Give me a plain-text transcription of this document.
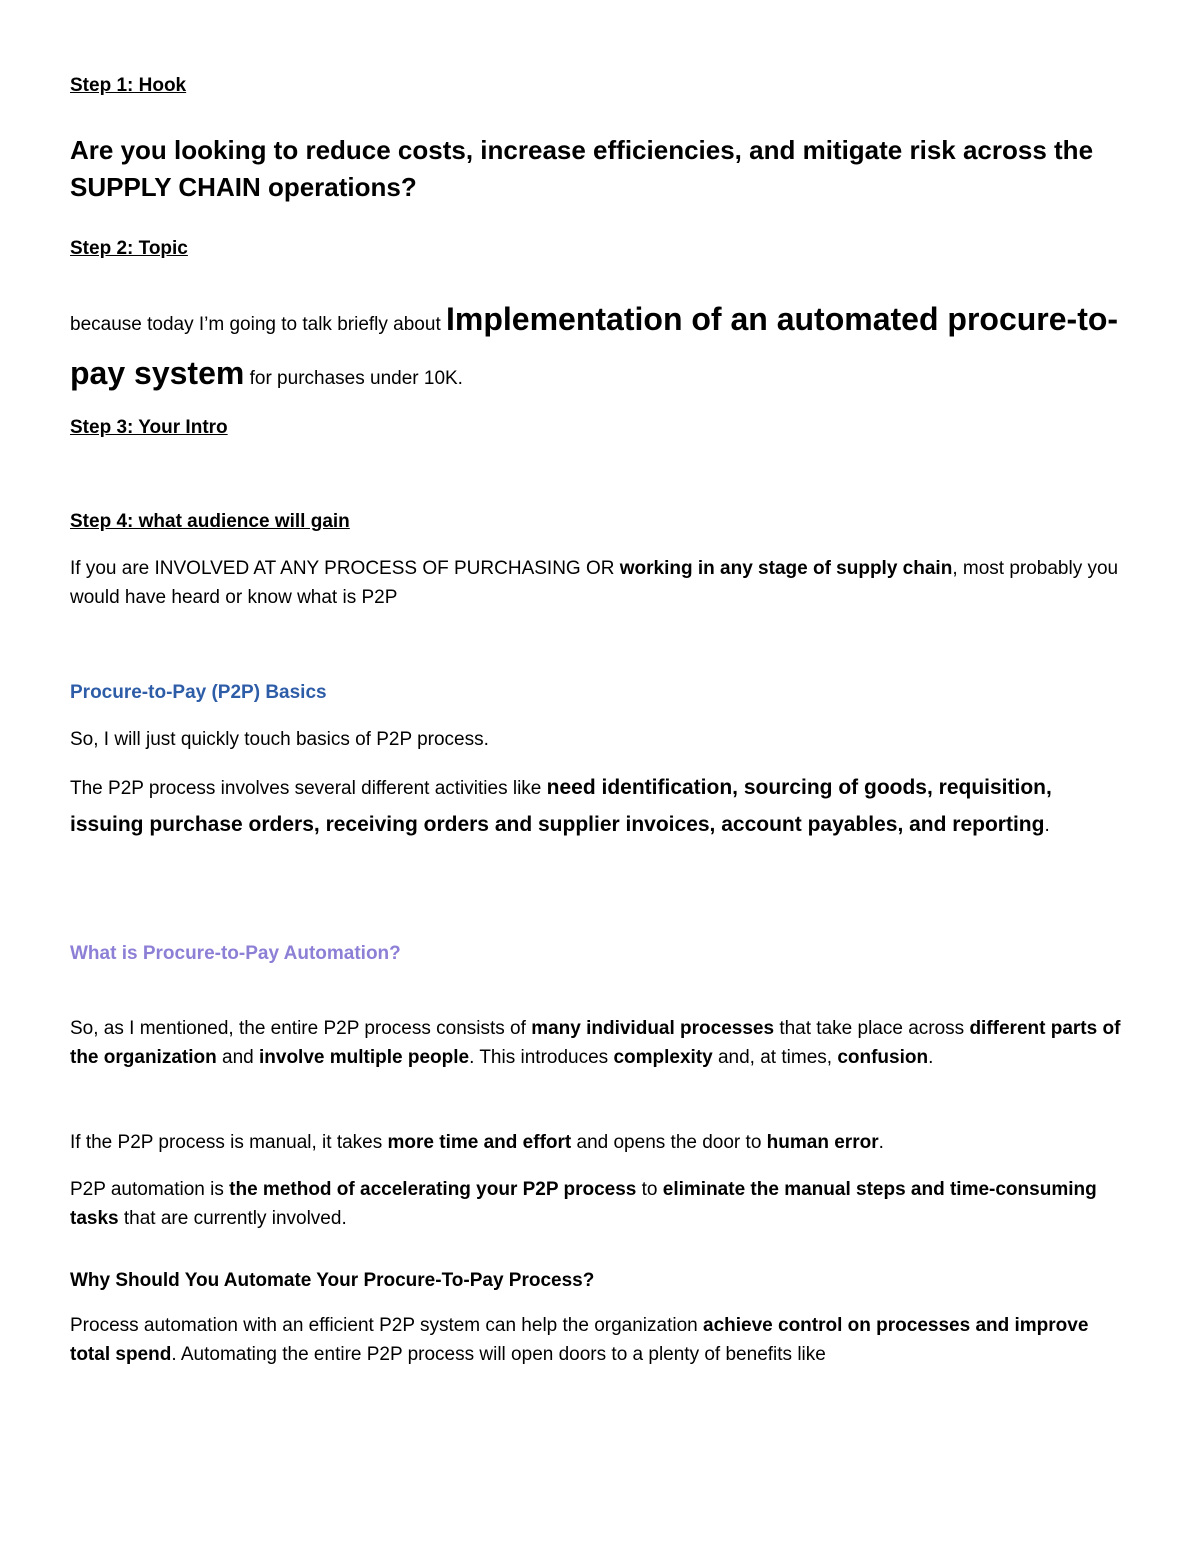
Step 1: Hook
Are you looking to reduce costs, increase efficiencies, and mitigate risk across the SUPPLY CHAIN operations?
Step 2: Topic
because today I’m going to talk briefly about Implementation of an automated procure-to-pay system for purchases under 10K.
Step 3: Your Intro
Step 4: what audience will gain
If you are INVOLVED AT ANY PROCESS OF PURCHASING OR working in any stage of supply chain, most probably you would have heard or know what is P2P
Procure-to-Pay (P2P) Basics
So, I will just quickly touch basics of P2P process.
The P2P process involves several different activities like need identification, sourcing of goods, requisition, issuing purchase orders, receiving orders and supplier invoices, account payables, and reporting.
What is Procure-to-Pay Automation?
So, as I mentioned, the entire P2P process consists of many individual processes that take place across different parts of the organization and involve multiple people. This introduces complexity and, at times, confusion.
If the P2P process is manual, it takes more time and effort and opens the door to human error.
P2P automation is the method of accelerating your P2P process to eliminate the manual steps and time-consuming tasks that are currently involved.
Why Should You Automate Your Procure-To-Pay Process?
Process automation with an efficient P2P system can help the organization achieve control on processes and improve total spend. Automating the entire P2P process will open doors to a plenty of benefits like
